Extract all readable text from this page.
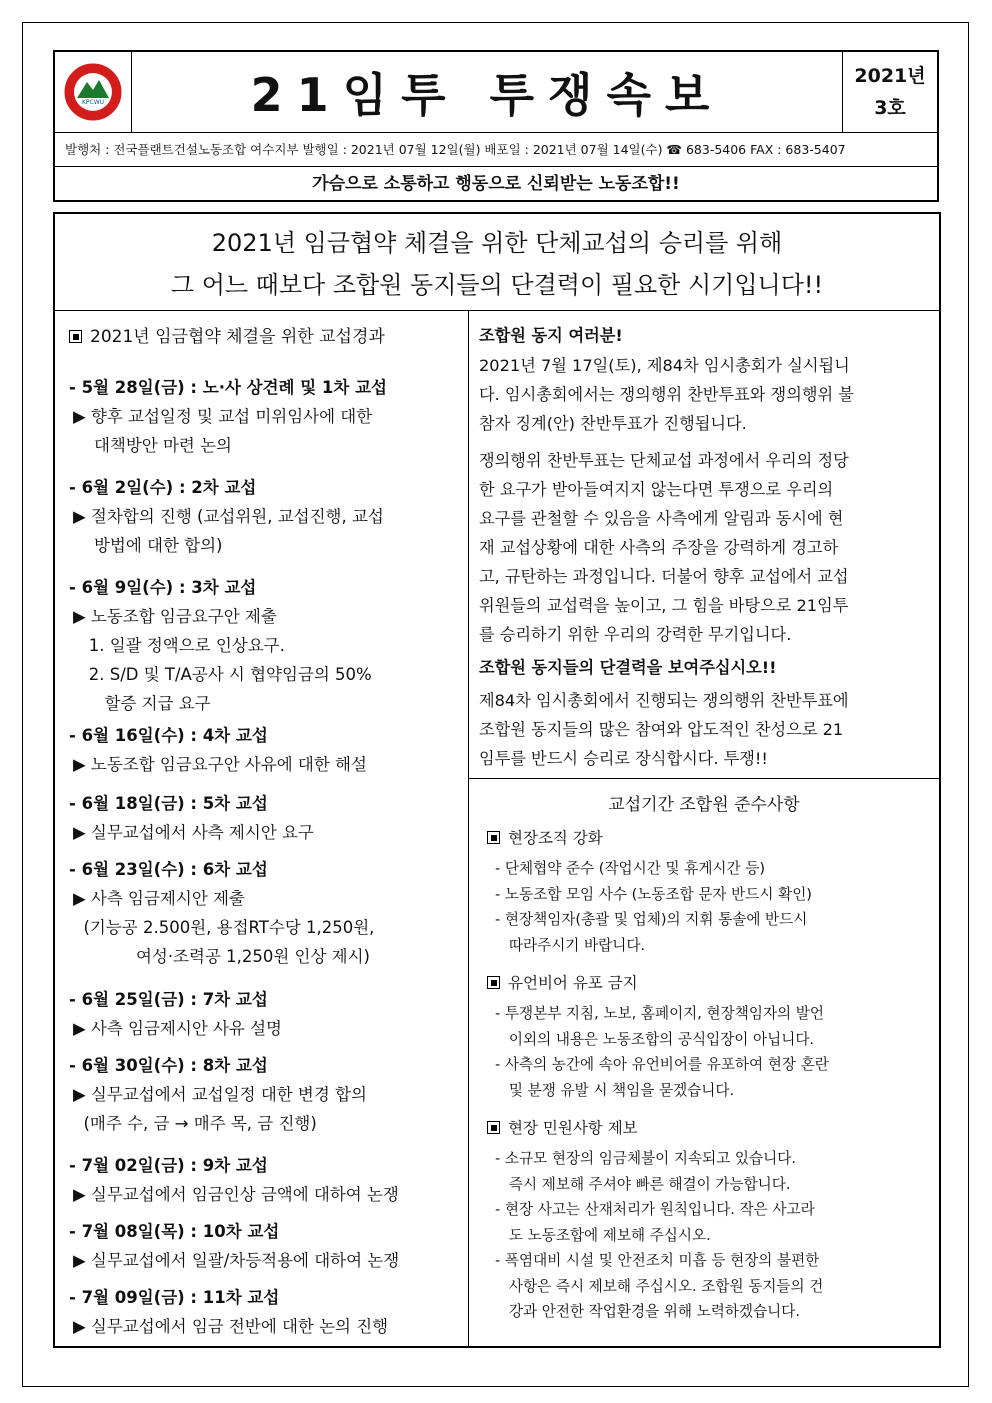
KPCWU	21임투 투쟁속보	2021년
3호
발행처 : 전국플랜트건설노동조합 여수지부 발행일 : 2021년 07월 12일(월) 배포일 : 2021년 07월 14일(수) ☎ 683-5406 FAX : 683-5407
가슴으로 소통하고 행동으로 신뢰받는 노동조합!!
2021년 임금협약 체결을 위한 단체교섭의 승리를 위해
그 어느 때보다 조합원 동지들의 단결력이 필요한 시기입니다!!
2021년 임금협약 체결을 위한 교섭경과
- 5월 28일(금) : 노·사 상견례 및 1차 교섭
▶ 향후 교섭일정 및 교섭 미위임사에 대한
대책방안 마련 논의
- 6월 2일(수) : 2차 교섭
▶ 절차합의 진행 (교섭위원, 교섭진행, 교섭
방법에 대한 합의)
- 6월 9일(수) : 3차 교섭
▶ 노동조합 임금요구안 제출
1. 일괄 정액으로 인상요구.
2. S/D 및 T/A공사 시 협약임금의 50%
할증 지급 요구
- 6월 16일(수) : 4차 교섭
▶ 노동조합 임금요구안 사유에 대한 해설
- 6월 18일(금) : 5차 교섭
▶ 실무교섭에서 사측 제시안 요구
- 6월 23일(수) : 6차 교섭
▶ 사측 임금제시안 제출
(기능공 2.500원, 용접RT수당 1,250원,
여성·조력공 1,250원 인상 제시)
- 6월 25일(금) : 7차 교섭
▶ 사측 임금제시안 사유 설명
- 6월 30일(수) : 8차 교섭
▶ 실무교섭에서 교섭일정 대한 변경 합의
(매주 수, 금 → 매주 목, 금 진행)
- 7월 02일(금) : 9차 교섭
▶ 실무교섭에서 임금인상 금액에 대하여 논쟁
- 7월 08일(목) : 10차 교섭
▶ 실무교섭에서 일괄/차등적용에 대하여 논쟁
- 7월 09일(금) : 11차 교섭
▶ 실무교섭에서 임금 전반에 대한 논의 진행
조합원 동지 여러분!
2021년 7월 17일(토), 제84차 임시총회가 실시됩니
다. 임시총회에서는 쟁의행위 찬반투표와 쟁의행위 불
참자 징계(안) 찬반투표가 진행됩니다.
쟁의행위 찬반투표는 단체교섭 과정에서 우리의 정당
한 요구가 받아들여지지 않는다면 투쟁으로 우리의
요구를 관철할 수 있음을 사측에게 알림과 동시에 현
재 교섭상황에 대한 사측의 주장을 강력하게 경고하
고, 규탄하는 과정입니다. 더불어 향후 교섭에서 교섭
위원들의 교섭력을 높이고, 그 힘을 바탕으로 21임투
를 승리하기 위한 우리의 강력한 무기입니다.
조합원 동지들의 단결력을 보여주십시오!!
제84차 임시총회에서 진행되는 쟁의행위 찬반투표에
조합원 동지들의 많은 참여와 압도적인 찬성으로 21
임투를 반드시 승리로 장식합시다. 투쟁!!
교섭기간 조합원 준수사항
현장조직 강화
- 단체협약 준수 (작업시간 및 휴게시간 등)
- 노동조합 모임 사수 (노동조합 문자 반드시 확인)
- 현장책임자(총괄 및 업체)의 지휘 통솔에 반드시
따라주시기 바랍니다.
유언비어 유포 금지
- 투쟁본부 지침, 노보, 홈페이지, 현장책임자의 발언
이외의 내용은 노동조합의 공식입장이 아닙니다.
- 사측의 농간에 속아 유언비어를 유포하여 현장 혼란
및 분쟁 유발 시 책임을 묻겠습니다.
현장 민원사항 제보
- 소규모 현장의 임금체불이 지속되고 있습니다.
즉시 제보해 주셔야 빠른 해결이 가능합니다.
- 현장 사고는 산재처리가 원칙입니다. 작은 사고라
도 노동조합에 제보해 주십시오.
- 폭염대비 시설 및 안전조치 미흡 등 현장의 불편한
사항은 즉시 제보해 주십시오. 조합원 동지들의 건
강과 안전한 작업환경을 위해 노력하겠습니다.
